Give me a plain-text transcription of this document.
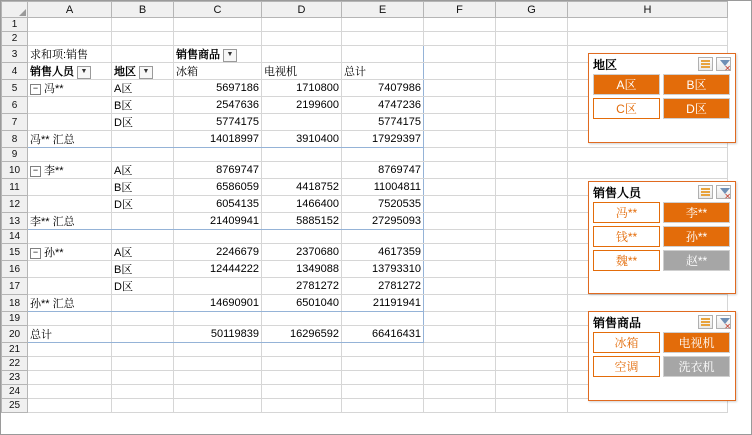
	A	B	C	D	E	F	G	H
1								
2								
3	求和项:销售		销售商品 ▼					
4	销售人员 ▼	地区 ▼	冰箱	电视机	总计			
5	− 冯**	A区	5697186	1710800	7407986			
6		B区	2547636	2199600	4747236			
7		D区	5774175		5774175			
8	冯** 汇总		14018997	3910400	17929397			
9								
10	− 李**	A区	8769747		8769747			
11		B区	6586059	4418752	11004811			
12		D区	6054135	1466400	7520535			
13	李** 汇总		21409941	5885152	27295093			
14								
15	− 孙**	A区	2246679	2370680	4617359			
16		B区	12444222	1349088	13793310			
17		D区		2781272	2781272			
18	孙** 汇总		14690901	6501040	21191941			
19								
20	总计		50119839	16296592	66416431			
21								
22								
23								
24								
25								
地区
✕
A区	B区
C区	D区
销售人员
✕
冯**	李**
钱**	孙**
魏**	赵**
销售商品
✕
冰箱	电视机
空调	洗衣机
